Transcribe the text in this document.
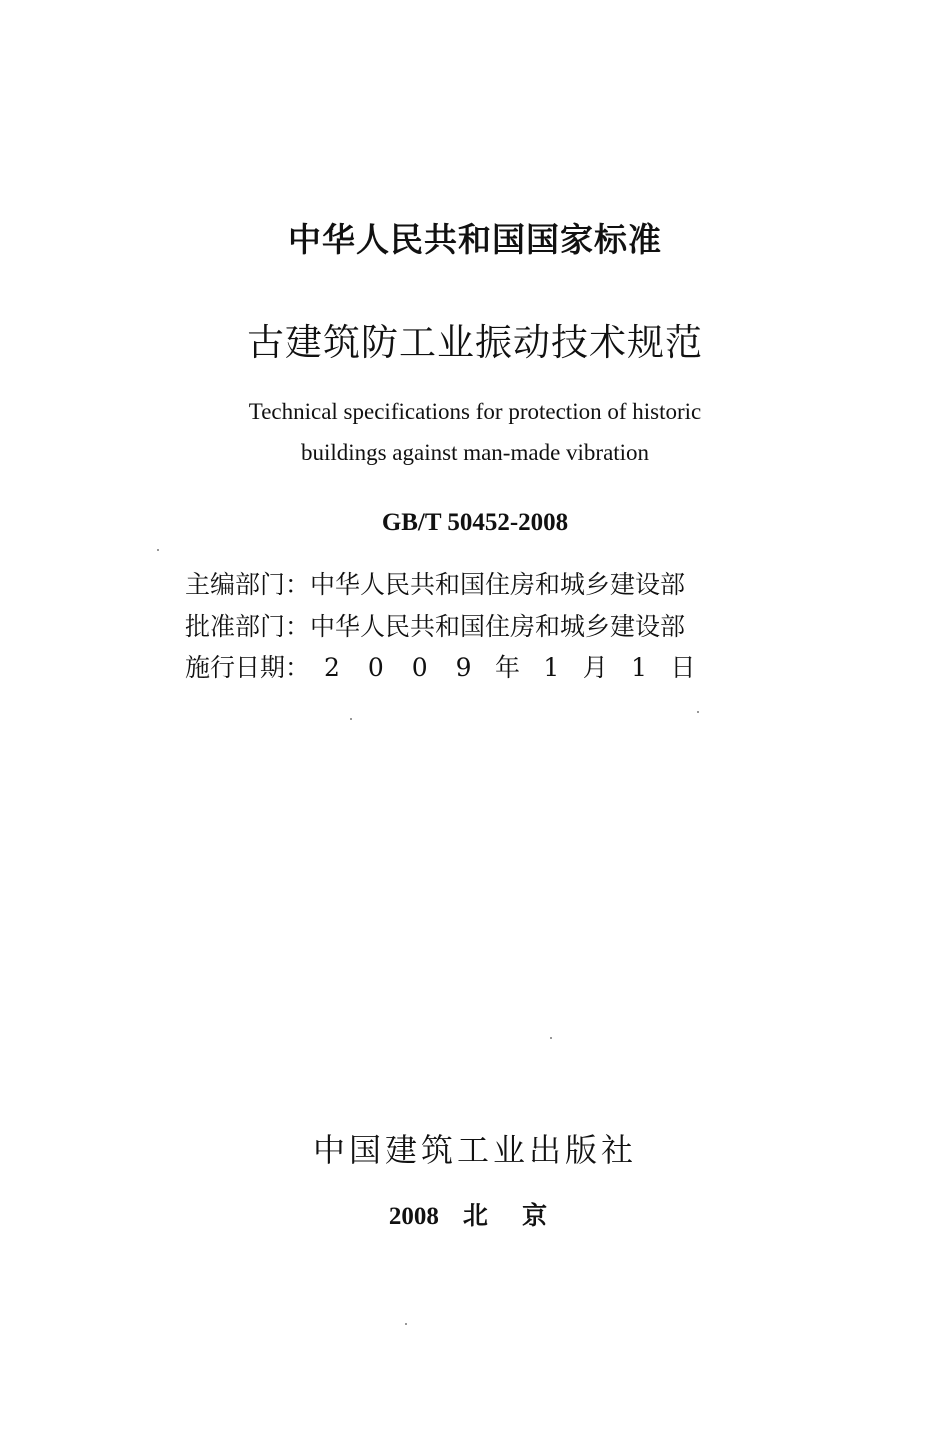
中华人民共和国国家标准
古建筑防工业振动技术规范
Technical specifications for protection of historic
buildings against man-made vibration
GB/T 50452-2008
主编部门：中华人民共和国住房和城乡建设部
批准部门：中华人民共和国住房和城乡建设部
施行日期： 2 0 0 9 年 1 月 1 日
中国建筑工业出版社
2008 北 京
